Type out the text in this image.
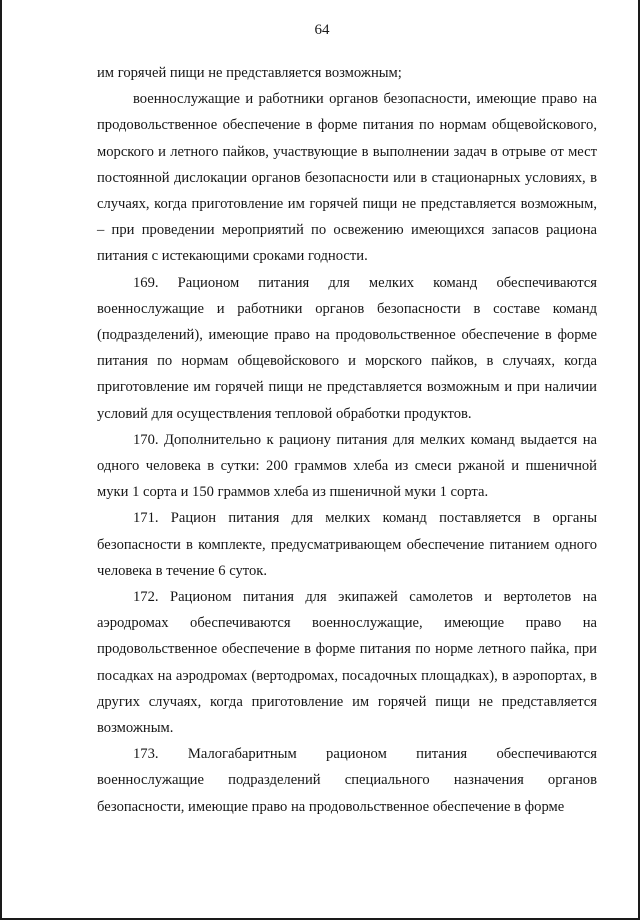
64

им горячей пищи не представляется возможным;

военнослужащие и работники органов безопасности, имеющие право на продовольственное обеспечение в форме питания по нормам общевойскового, морского и летного пайков, участвующие в выполнении задач в отрыве от мест постоянной дислокации органов безопасности или в стационарных условиях, в случаях, когда приготовление им горячей пищи не представляется возможным, – при проведении мероприятий по освежению имеющихся запасов рациона питания с истекающими сроками годности.

169. Рационом питания для мелких команд обеспечиваются военнослужащие и работники органов безопасности в составе команд (подразделений), имеющие право на продовольственное обеспечение в форме питания по нормам общевойскового и морского пайков, в случаях, когда приготовление им горячей пищи не представляется возможным и при наличии условий для осуществления тепловой обработки продуктов.

170. Дополнительно к рациону питания для мелких команд выдается на одного человека в сутки: 200 граммов хлеба из смеси ржаной и пшеничной муки 1 сорта и 150 граммов хлеба из пшеничной муки 1 сорта.

171. Рацион питания для мелких команд поставляется в органы безопасности в комплекте, предусматривающем обеспечение питанием одного человека в течение 6 суток.

172. Рационом питания для экипажей самолетов и вертолетов на аэродромах обеспечиваются военнослужащие, имеющие право на продовольственное обеспечение в форме питания по норме летного пайка, при посадках на аэродромах (вертодромах, посадочных площадках), в аэропортах, в других случаях, когда приготовление им горячей пищи не представляется возможным.

173. Малогабаритным рационом питания обеспечиваются военнослужащие подразделений специального назначения органов безопасности, имеющие право на продовольственное обеспечение в форме
